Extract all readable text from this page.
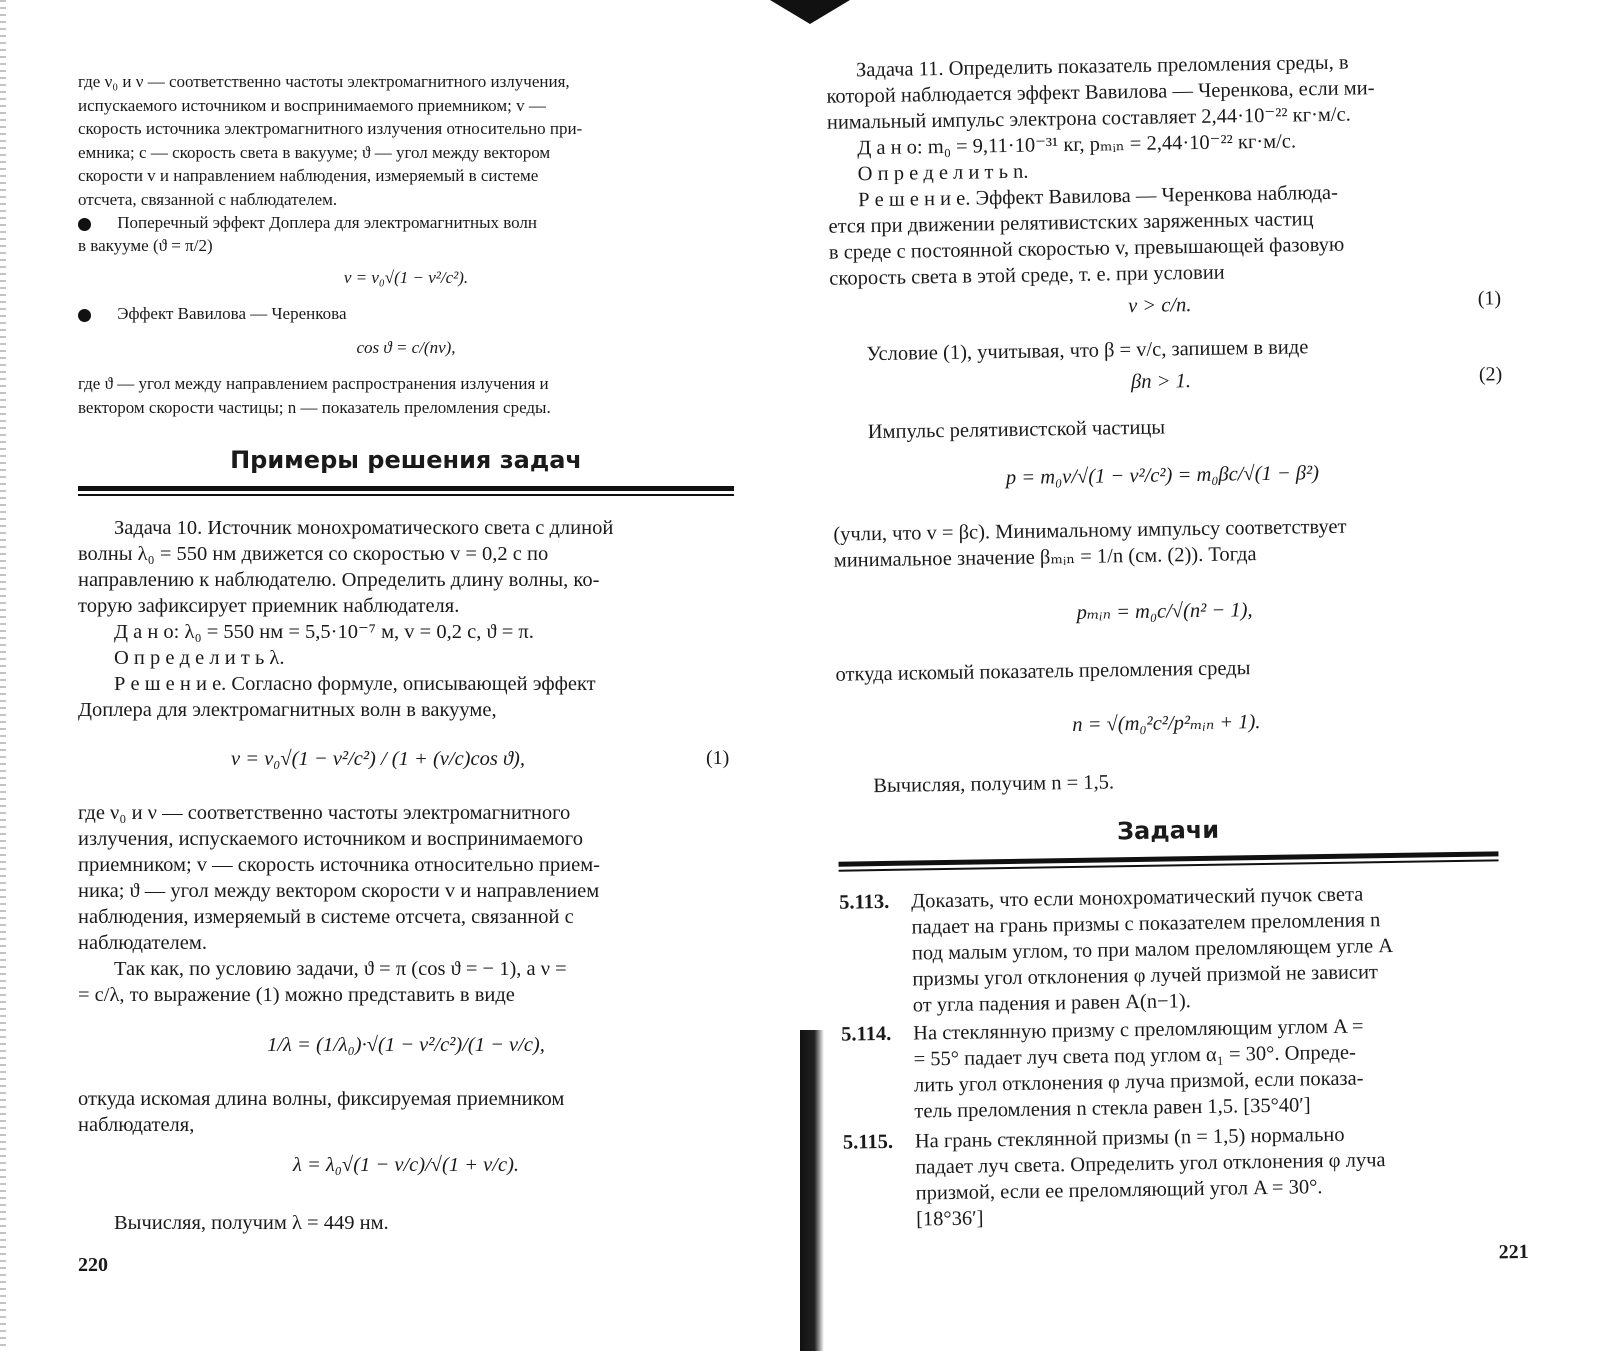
где ν₀ и ν — соответственно частоты электромагнитного излучения,
испускаемого источником и воспринимаемого приемником; v —
скорость источника электромагнитного излучения относительно при-
емника; c — скорость света в вакууме; ϑ — угол между вектором
скорости v и направлением наблюдения, измеряемый в системе
отсчета, связанной с наблюдателем.
Поперечный эффект Доплера для электромагнитных волн
в вакууме (ϑ = π/2)
ν = ν₀√(1 − v²/c²).
Эффект Вавилова — Черенкова
cos ϑ = c/(nv),
где ϑ — угол между направлением распространения излучения и
вектором скорости частицы; n — показатель преломления среды.
Примеры решения задач
Задача 10. Источник монохроматического света с длиной
волны λ₀ = 550 нм движется со скоростью v = 0,2 c по
направлению к наблюдателю. Определить длину волны, ко-
торую зафиксирует приемник наблюдателя.
Д а н о: λ₀ = 550 нм = 5,5·10⁻⁷ м, v = 0,2 c, ϑ = π.
О п р е д е л и т ь λ.
Р е ш е н и е. Согласно формуле, описывающей эффект
Доплера для электромагнитных волн в вакууме,
ν = ν₀√(1 − v²/c²) / (1 + (v/c)cos ϑ),	(1)
где ν₀ и ν — соответственно частоты электромагнитного
излучения, испускаемого источником и воспринимаемого
приемником; v — скорость источника относительно прием-
ника; ϑ — угол между вектором скорости v и направлением
наблюдения, измеряемый в системе отсчета, связанной с
наблюдателем.
Так как, по условию задачи, ϑ = π (cos ϑ = − 1), а ν =
= c/λ, то выражение (1) можно представить в виде
1/λ = (1/λ₀)·√(1 − v²/c²)/(1 − v/c),
откуда искомая длина волны, фиксируемая приемником
наблюдателя,
λ = λ₀√(1 − v/c)/√(1 + v/c).
Вычисляя, получим λ = 449 нм.
220
Задача 11. Определить показатель преломления среды, в
которой наблюдается эффект Вавилова — Черенкова, если ми-
нимальный импульс электрона составляет 2,44·10⁻²² кг·м/с.
Д а н о: m₀ = 9,11·10⁻³¹ кг, pₘᵢₙ = 2,44·10⁻²² кг·м/с.
О п р е д е л и т ь n.
Р е ш е н и е. Эффект Вавилова — Черенкова наблюда-
ется при движении релятивистских заряженных частиц
в среде с постоянной скоростью v, превышающей фазовую
скорость света в этой среде, т. е. при условии
v > c/n.	(1)
Условие (1), учитывая, что β = v/c, запишем в виде
βn > 1.	(2)
Импульс релятивистской частицы
p = m₀v/√(1 − v²/c²) = m₀βc/√(1 − β²)
(учли, что v = βc). Минимальному импульсу соответствует
минимальное значение βₘᵢₙ = 1/n (см. (2)). Тогда
pₘᵢₙ = m₀c/√(n² − 1),
откуда искомый показатель преломления среды
n = √(m₀²c²/p²ₘᵢₙ + 1).
Вычисляя, получим n = 1,5.
Задачи
5.113.	Доказать, что если монохроматический пучок света
падает на грань призмы с показателем преломления n
под малым углом, то при малом преломляющем угле A
призмы угол отклонения φ лучей призмой не зависит
от угла падения и равен A(n−1).
5.114.	На стеклянную призму с преломляющим углом A =
= 55° падает луч света под углом α₁ = 30°. Опреде-
лить угол отклонения φ луча призмой, если показа-
тель преломления n стекла равен 1,5. [35°40′]
5.115.	На грань стеклянной призмы (n = 1,5) нормально
падает луч света. Определить угол отклонения φ луча
призмой, если ее преломляющий угол A = 30°.
[18°36′]
221
